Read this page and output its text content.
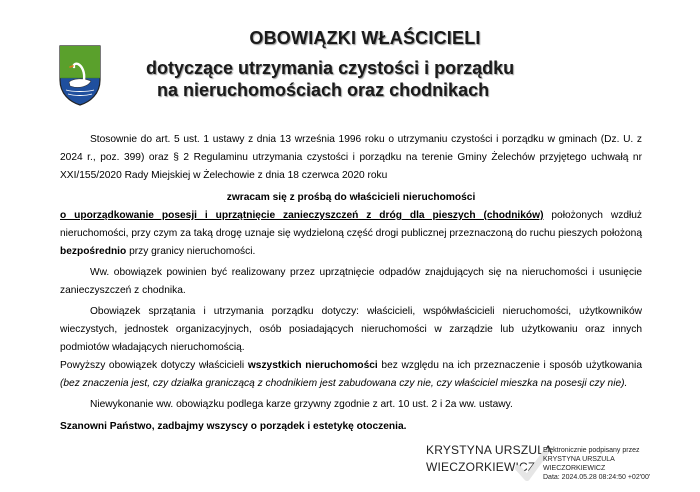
OBOWIĄZKI WŁAŚCICIELI
dotyczące utrzymania czystości i porządku
na nieruchomościach oraz chodnikach

Stosownie do art. 5 ust. 1 ustawy z dnia 13 września 1996 roku o utrzymaniu czystości i porządku w gminach (Dz. U. z 2024 r., poz. 399) oraz § 2 Regulaminu utrzymania czystości i porządku na terenie Gminy Żelechów przyjętego uchwałą nr XXI/155/2020 Rady Miejskiej w Żelechowie z dnia 18 czerwca 2020 roku

zwracam się z prośbą do właścicieli nieruchomości

o uporządkowanie posesji i uprzątnięcie zanieczyszczeń z dróg dla pieszych (chodników) położonych wzdłuż nieruchomości, przy czym za taką drogę uznaje się wydzieloną część drogi publicznej przeznaczoną do ruchu pieszych położoną bezpośrednio przy granicy nieruchomości.

Ww. obowiązek powinien być realizowany przez uprzątnięcie odpadów znajdujących się na nieruchomości i usunięcie zanieczyszczeń z chodnika.

Obowiązek sprzątania i utrzymania porządku dotyczy: właścicieli, współwłaścicieli nieruchomości, użytkowników wieczystych, jednostek organizacyjnych, osób posiadających nieruchomości w zarządzie lub użytkowaniu oraz innych podmiotów władających nieruchomością.

Powyższy obowiązek dotyczy właścicieli wszystkich nieruchomości bez względu na ich przeznaczenie i sposób użytkowania (bez znaczenia jest, czy działka graniczącą z chodnikiem jest zabudowana czy nie, czy właściciel mieszka na posesji czy nie).

Niewykonanie ww. obowiązku podlega karze grzywny zgodnie z art. 10 ust. 2 i 2a ww. ustawy.

Szanowni Państwo, zadbajmy wszyscy o porządek i estetykę otoczenia.

KRYSTYNA URSZULA
WIECZORKIEWICZ
Elektronicznie podpisany przez
KRYSTYNA URSZULA
WIECZORKIEWICZ
Data: 2024.05.28 08:24:50 +02'00'
